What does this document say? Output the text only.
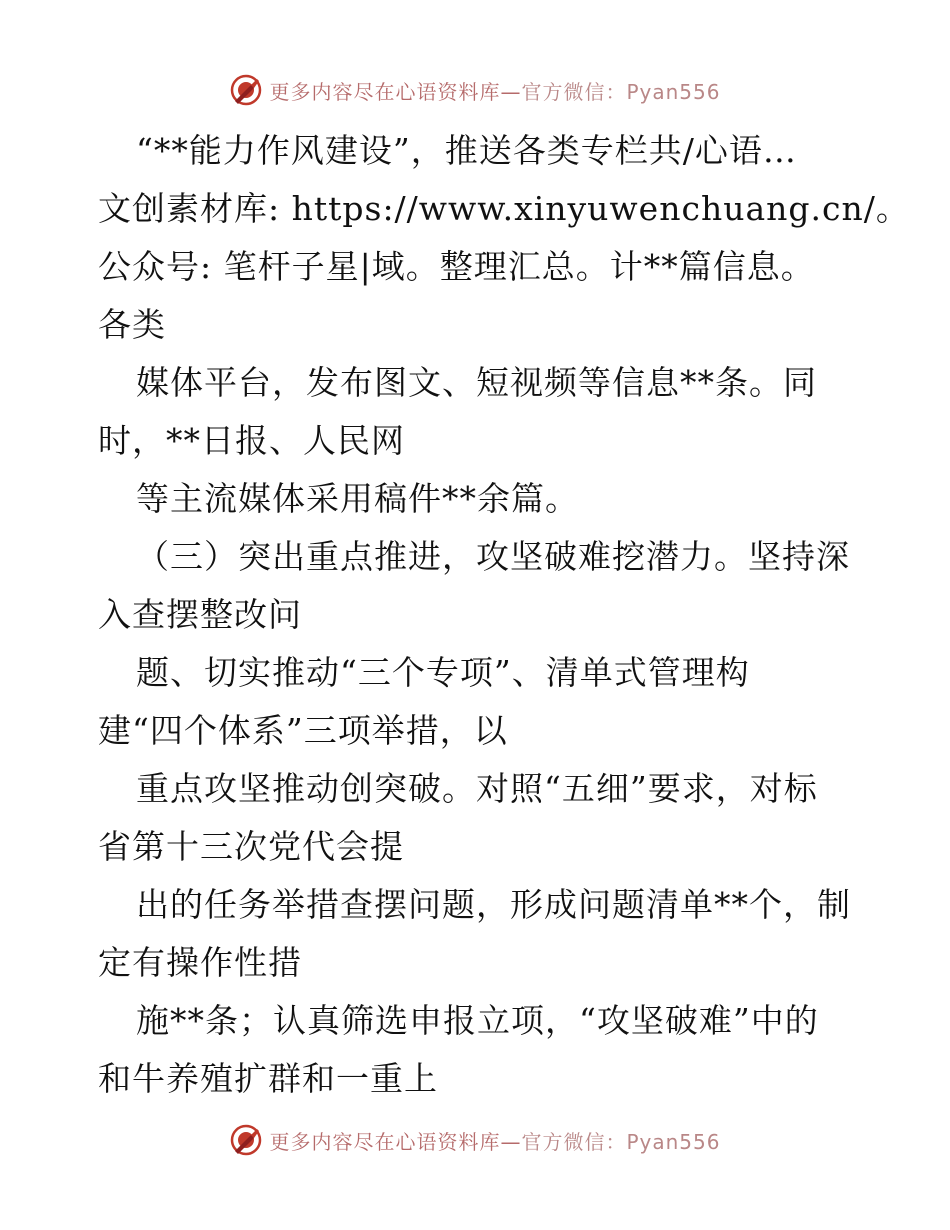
更多内容尽在心语资料库—官方微信：Pyan556
“**能力作风建设”，推送各类专栏共/心语…
文创素材库: https://www.xinyuwenchuang.cn/。
公众号: 笔杆子星|域。整理汇总。计**篇信息。
各类
媒体平台，发布图文、短视频等信息**条。同
时，**日报、人民网
等主流媒体采用稿件**余篇。
（三）突出重点推进，攻坚破难挖潜力。坚持深
入查摆整改问
题、切实推动“三个专项”、清单式管理构
建“四个体系”三项举措，以
重点攻坚推动创突破。对照“五细”要求，对标
省第十三次党代会提
出的任务举措查摆问题，形成问题清单**个，制
定有操作性措
施**条；认真筛选申报立项，“攻坚破难”中的
和牛养殖扩群和一重上
更多内容尽在心语资料库—官方微信：Pyan556
